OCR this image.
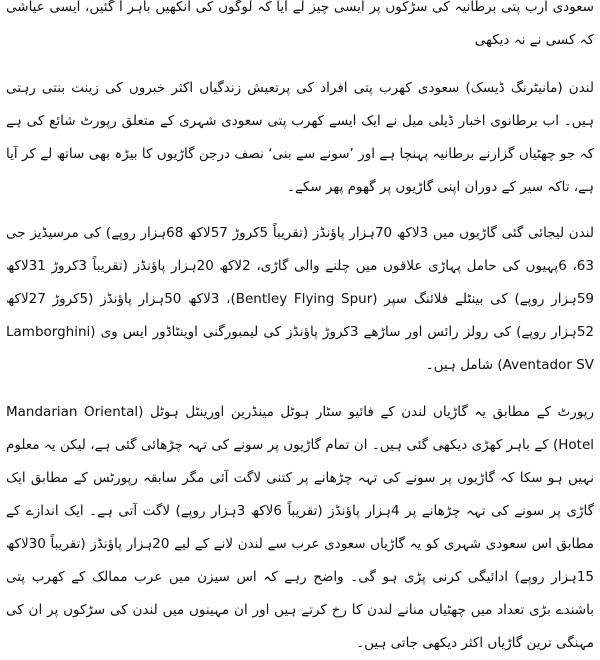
سعودی ارب پتی برطانیہ کی سڑکوں پر ایسی چیز لے آیا کہ لوگوں کی آنکھیں باہر آ گئیں، ایسی عیاشی کہ کسی نے نہ دیکھی

لندن (مانیٹرنگ ڈیسک) سعودی کھرب پتی افراد کی پرتعیش زندگیاں اکثر خبروں کی زینت بنتی رہتی ہیں۔ اب برطانوی اخبار ڈیلی میل نے ایک ایسے کھرب پتی سعودی شہری کے متعلق رپورٹ شائع کی ہے کہ جو چھٹیاں گزارنے برطانیہ پہنچا ہے اور ’سونے سے بنی‘ نصف درجن گاڑیوں کا بیڑہ بھی ساتھ لے کر آیا ہے، تاکہ سیر کے دوران اپنی گاڑیوں پر گھوم پھر سکے۔

لندن لیجائی گئی گاڑیوں میں 3لاکھ 70ہزار پاﺅنڈز (تقریباً 5کروڑ 57لاکھ 68ہزار روپے) کی مرسیڈیز جی 63، 6پہیوں کی حامل پہاڑی علاقوں میں چلنے والی گاڑی، 2لاکھ 20ہزار پاﺅنڈز (تقریباً 3کروڑ 31لاکھ 59ہزار روپے) کی بینٹلے فلائنگ سپر (Bentley Flying Spur)، 3لاکھ 50ہزار پاﺅنڈز (5کروڑ 27لاکھ 52ہزار روپے) کی رولز رائس اور ساڑھے 3کروڑ پاﺅنڈز کی لیمبورگنی اوینٹاڈور ایس وی (Lamborghini Aventador SV) شامل ہیں۔

رپورٹ کے مطابق یہ گاڑیاں لندن کے فائیو سٹار ہوٹل مینڈرین اورینٹل ہوٹل (Mandarian Oriental Hotel) کے باہر کھڑی دیکھی گئی ہیں۔ ان تمام گاڑیوں پر سونے کی تہہ چڑھائی گئی ہے، لیکن یہ معلوم نہیں ہو سکا کہ گاڑیوں پر سونے کی تہہ چڑھانے پر کتنی لاگت آئی مگر سابقہ رپورٹس کے مطابق ایک گاڑی پر سونے کی تہہ چڑھانے پر 4ہزار پاﺅنڈز (تقریباً 6لاکھ 3ہزار روپے) لاگت آتی ہے۔ ایک اندازے کے مطابق اس سعودی شہری کو یہ گاڑیاں سعودی عرب سے لندن لانے کے لیے 20ہزار پاﺅنڈز (تقریباً 30لاکھ 15ہزار روپے) ادائیگی کرنی پڑی ہو گی۔ واضح رہے کہ اس سیزن میں عرب ممالک کے کھرب پتی باشندے بڑی تعداد میں چھٹیاں منانے لندن کا رخ کرتے ہیں اور ان مہینوں میں لندن کی سڑکوں پر ان کی مہنگی ترین گاڑیاں اکثر دیکھی جاتی ہیں۔
